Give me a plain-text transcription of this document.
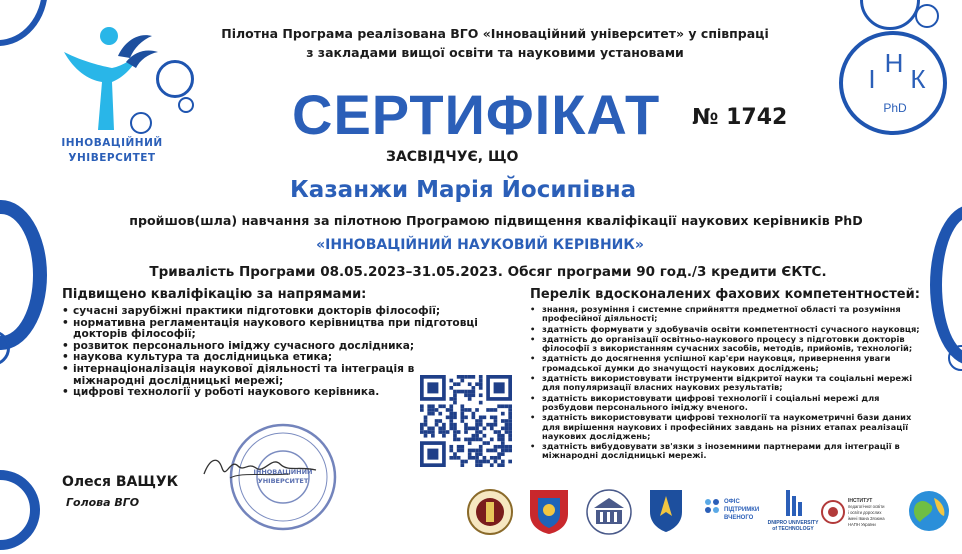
ІННОВАЦІЙНИЙ
УНІВЕРСИТЕТ
І
Н
К
PhD
Пілотна Програма реалізована ВГО «Інноваційний університет» у співпраці
з закладами вищої освіти та науковими установами
СЕРТИФІКАТ № 1742
ЗАСВІДЧУЄ, ЩО
Казанжи Марія Йосипівна
пройшов(шла) навчання за пілотною Програмою підвищення кваліфікації наукових керівників PhD
«ІННОВАЦІЙНИЙ НАУКОВИЙ КЕРІВНИК»
Тривалість Програми 08.05.2023–31.05.2023. Обсяг програми 90 год./3 кредити ЄКТС.
Підвищено кваліфікацію за напрямами:
• сучасні зарубіжні практики підготовки докторів філософії;
• нормативна регламентація наукового керівництва при підготовці докторів філософії;
• розвиток персонального іміджу сучасного дослідника;
• наукова культура та дослідницька етика;
• інтернаціоналізація наукової діяльності та інтеграція в міжнародні дослідницькі мережі;
• цифрові технології у роботі наукового керівника.
Перелік вдосконалених фахових компетентностей:
• знання, розуміння і системне сприйняття предметної області та розуміння професійної діяльності;
• здатність формувати у здобувачів освіти компетентності сучасного науковця;
• здатність до організації освітньо-наукового процесу з підготовки докторів філософії з використанням сучасних засобів, методів, прийомів, технологій;
• здатність до досягнення успішної кар'єри науковця, привернення уваги громадської думки до значущості наукових досліджень;
• здатність використовувати інструменти відкритої науки та соціальні мережі для популяризації власних наукових результатів;
• здатність використовувати цифрові технології і соціальні мережі для розбудови персонального іміджу вченого.
• здатність використовувати цифрові технології та наукометричні бази даних для вирішення наукових і професійних завдань на різних етапах реалізації наукових досліджень;
• здатність вибудовувати зв'язки з іноземними партнерами для інтеграції в міжнародні дослідницькі мережі.
ІННОВАЦІЙНИЙ
УНІВЕРСИТЕТ
Олеся ВАЩУК
Голова ВГО	ОФІС
ПІДТРИМКИ
ВЧЕНОГО
DNIPRO UNIVERSITY
of TECHNOLOGY
ІНСТИТУТ
педагогічної освіти
і освіти дорослих
імені Івана Зязюна
НАПН України
